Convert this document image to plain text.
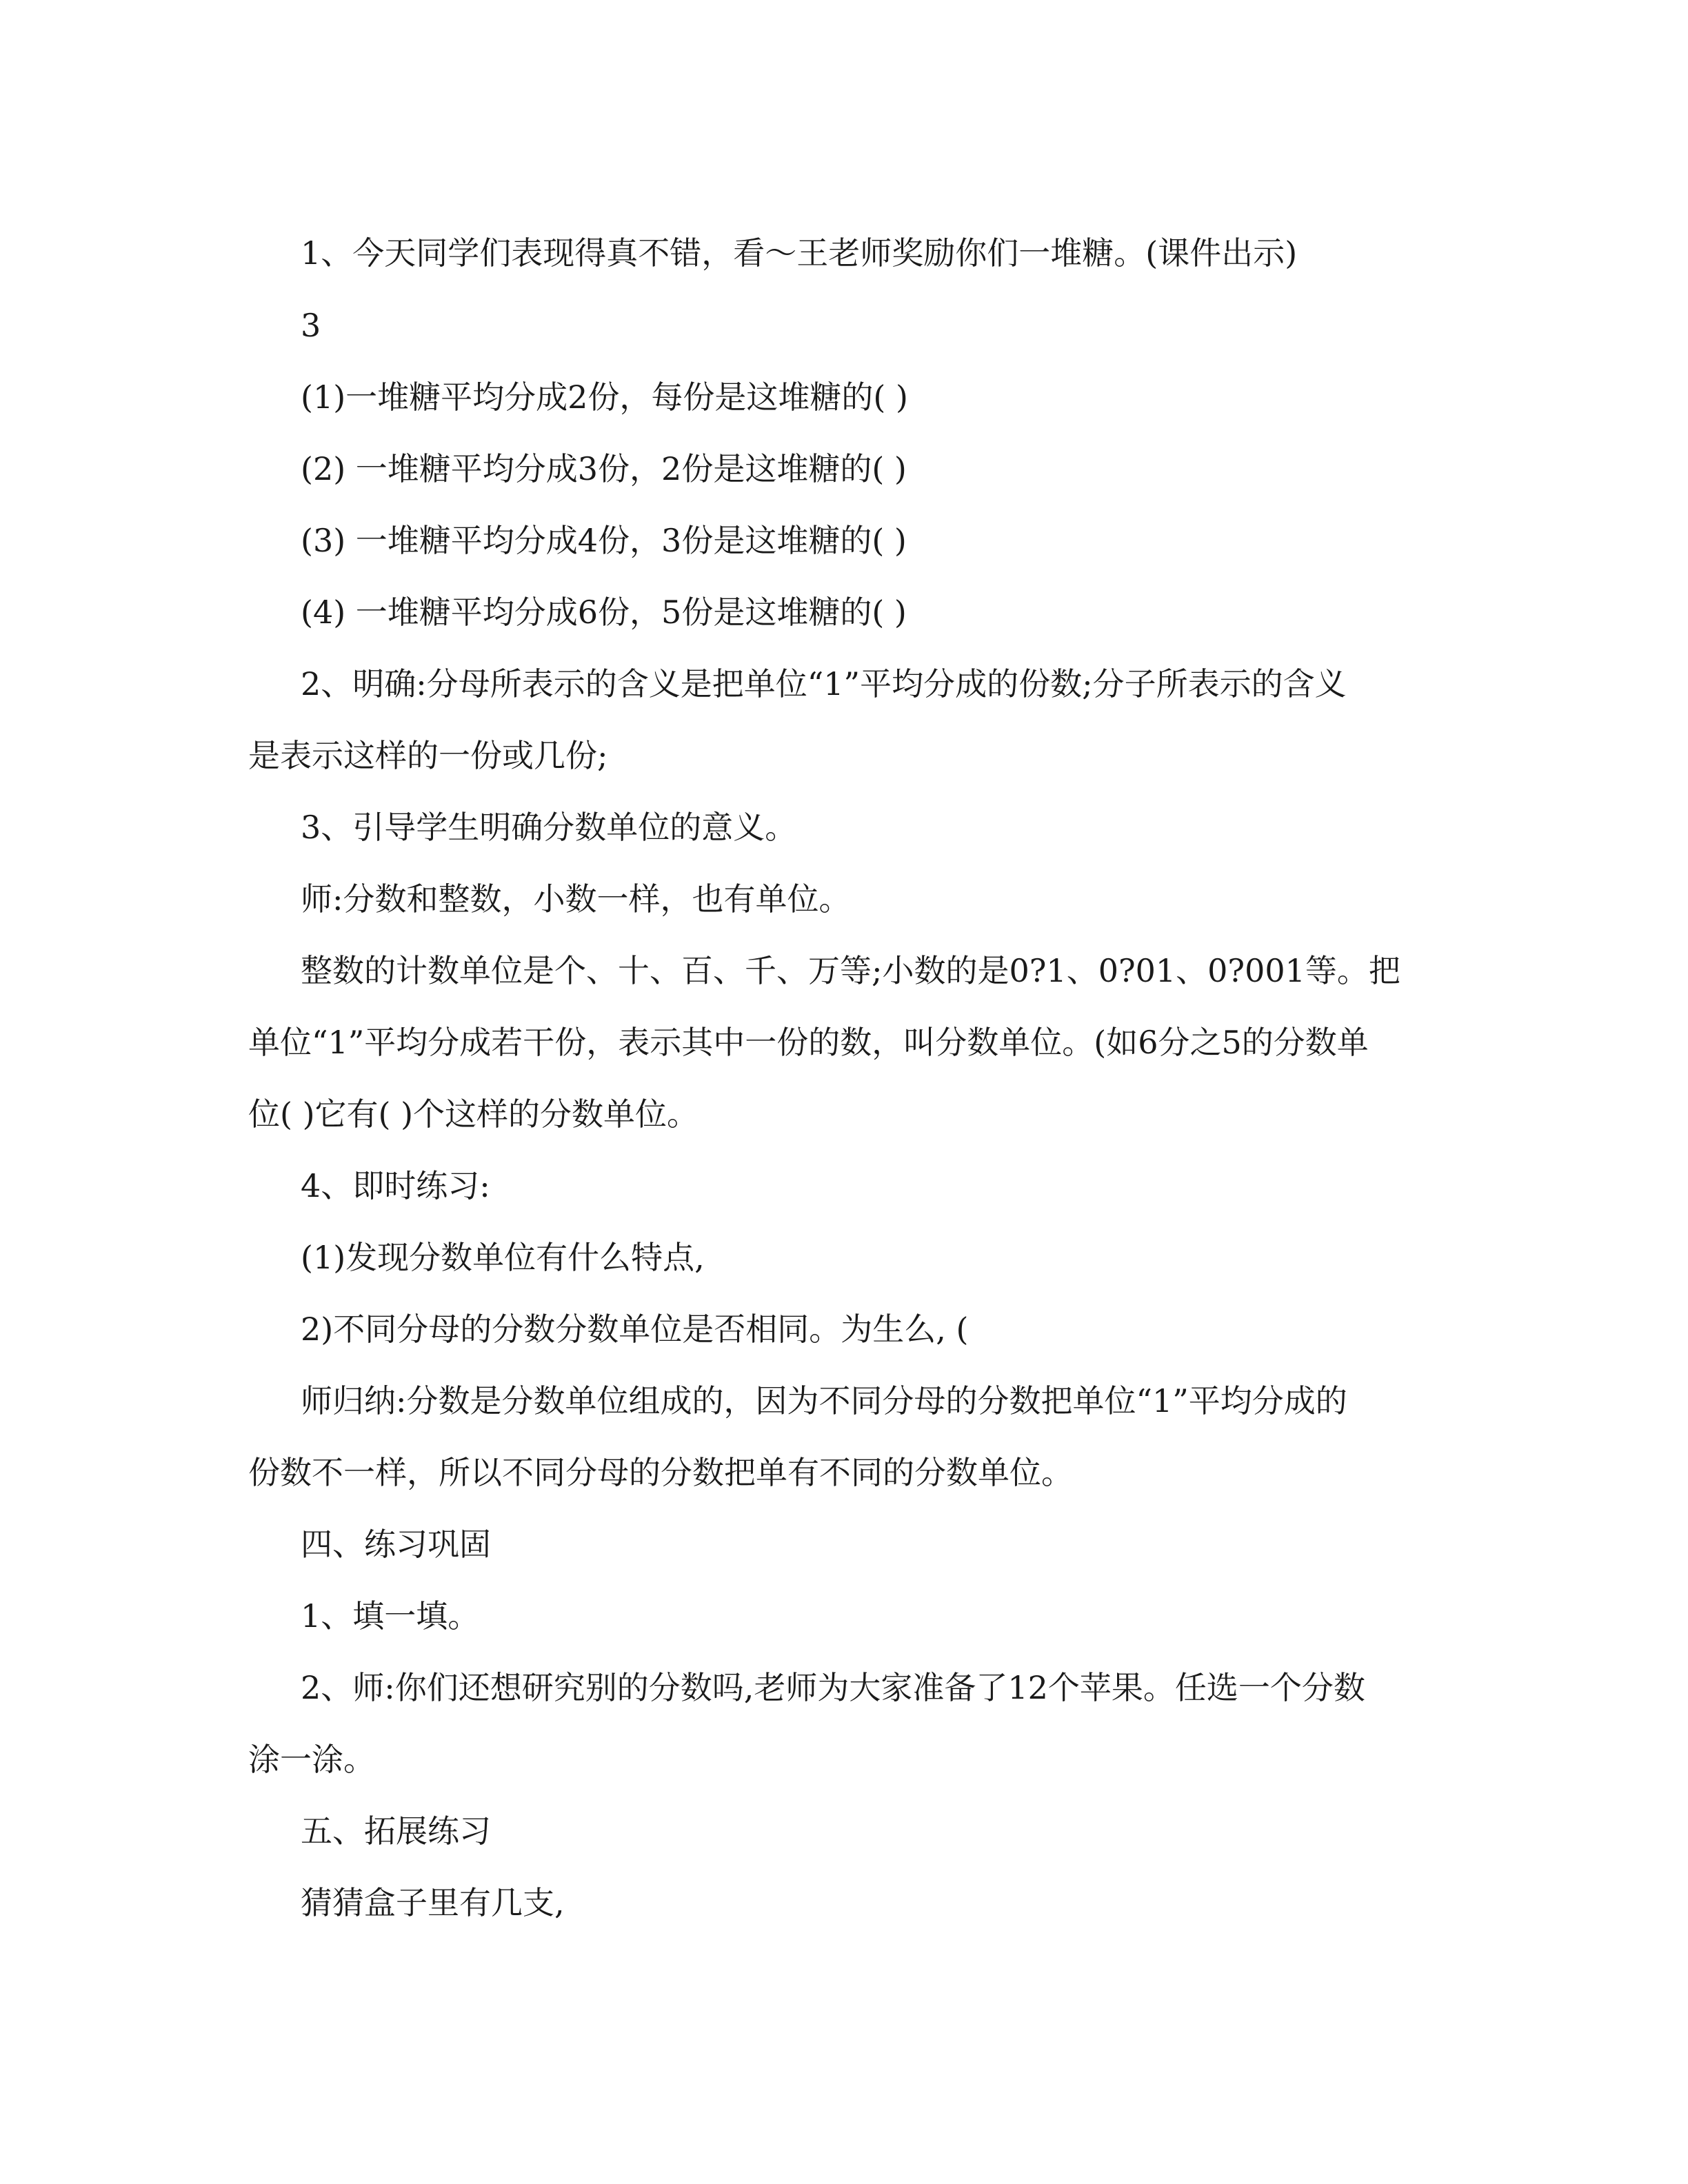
1、今天同学们表现得真不错，看～王老师奖励你们一堆糖。(课件出示)
3
(1)一堆糖平均分成2份，每份是这堆糖的( )
(2) 一堆糖平均分成3份，2份是这堆糖的( )
(3) 一堆糖平均分成4份，3份是这堆糖的( )
(4) 一堆糖平均分成6份，5份是这堆糖的( )
2、明确:分母所表示的含义是把单位“1”平均分成的份数;分子所表示的含义
是表示这样的一份或几份;
3、引导学生明确分数单位的意义。
师:分数和整数，小数一样，也有单位。
整数的计数单位是个、十、百、千、万等;小数的是0?1、0?01、0?001等。把
单位“1”平均分成若干份，表示其中一份的数，叫分数单位。(如6分之5的分数单
位( )它有( )个这样的分数单位。
4、即时练习:
(1)发现分数单位有什么特点,
2)不同分母的分数分数单位是否相同。为生么, (
师归纳:分数是分数单位组成的，因为不同分母的分数把单位“1”平均分成的
份数不一样，所以不同分母的分数把单有不同的分数单位。
四、练习巩固
1、填一填。
2、师:你们还想研究别的分数吗,老师为大家准备了12个苹果。任选一个分数
涂一涂。
五、拓展练习
猜猜盒子里有几支,
